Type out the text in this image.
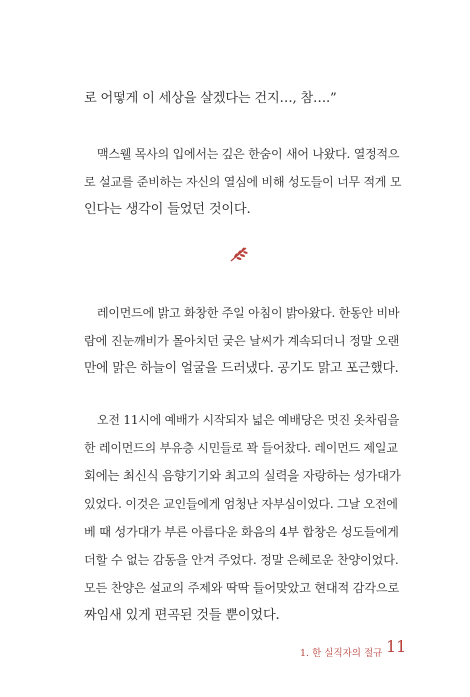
로 어떻게 이 세상을 살겠다는 건지…, 참….”

맥스웰 목사의 입에서는 깊은 한숨이 새어 나왔다. 열정적으

로 설교를 준비하는 자신의 열심에 비해 성도들이 너무 적게 모

인다는 생각이 들었던 것이다.

레이먼드에 밝고 화창한 주일 아침이 밝아왔다. 한동안 비바

람에 진눈깨비가 몰아치던 궂은 날씨가 계속되더니 정말 오랜

만에 맑은 하늘이 얼굴을 드러냈다. 공기도 맑고 포근했다.

오전 11시에 예배가 시작되자 넓은 예배당은 멋진 옷차림을

한 레이먼드의 부유층 시민들로 꽉 들어찼다. 레이먼드 제일교

회에는 최신식 음향기기와 최고의 실력을 자랑하는 성가대가

있었다. 이것은 교인들에게 엄청난 자부심이었다. 그날 오전에

베 때 성가대가 부른 아름다운 화음의 4부 합창은 성도들에게

더할 수 없는 감동을 안겨 주었다. 정말 은혜로운 찬양이었다.

모든 찬양은 설교의 주제와 딱딱 들어맞았고 현대적 감각으로

짜임새 있게 편곡된 것들 뿐이었다.

1. 한 실직자의 절규 11
